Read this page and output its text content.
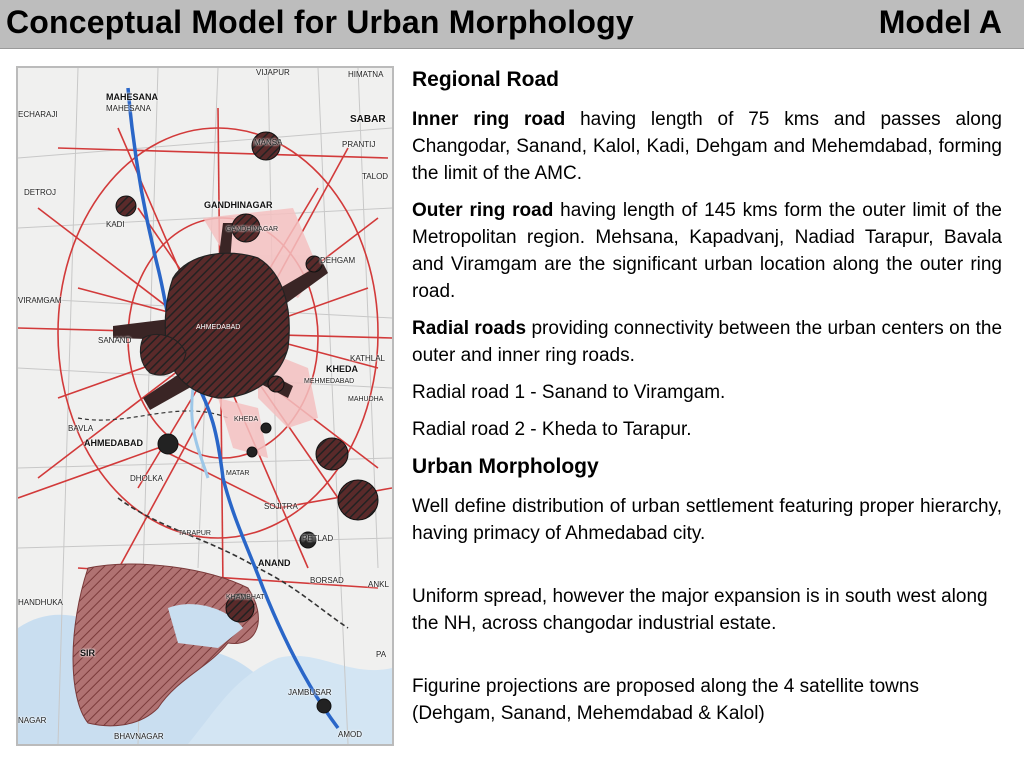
Conceptual Model for Urban Morphology	Model A
VIJAPUR	HIMATNA
MAHESANA
MAHESANA
ECHARAJI	SABAR
MANSA	PRANTIJ
TALOD
DETROJ
GANDHINAGAR
KADI
GANDHINAGAR
DEHGAM
VIRAMGAM
SANAND
AHMEDABAD
KATHLAL
KHEDA
MEHMEDABAD
MAHUDHA
BAVLA
AHMEDABAD
KHEDA
DHOLKA
MATAR
SOJITRA
TARAPUR
PETLAD
ANAND
BORSAD	ANKL
HANDHUKA
KHAMBHAT
SIR	PA
JAMBUSAR
NAGAR
BHAVNAGAR	AMOD
Regional Road

Inner ring road having length of 75 kms and passes along Changodar, Sanand, Kalol, Kadi, Dehgam and Mehemdabad, forming the limit of the AMC.

Outer ring road having length of 145 kms form the outer limit of the Metropolitan region. Mehsana, Kapadvanj, Nadiad Tarapur, Bavala and Viramgam are the significant urban location along the outer ring road.

Radial roads providing connectivity between the urban centers on the outer and inner ring roads.

Radial road 1 - Sanand to Viramgam.

Radial road 2 - Kheda to Tarapur.

Urban Morphology

Well define distribution of urban settlement featuring proper hierarchy, having primacy of Ahmedabad city.

Uniform spread, however the major expansion is in south west along the NH, across changodar industrial estate.

Figurine projections are proposed along the 4 satellite towns (Dehgam, Sanand, Mehemdabad & Kalol)
